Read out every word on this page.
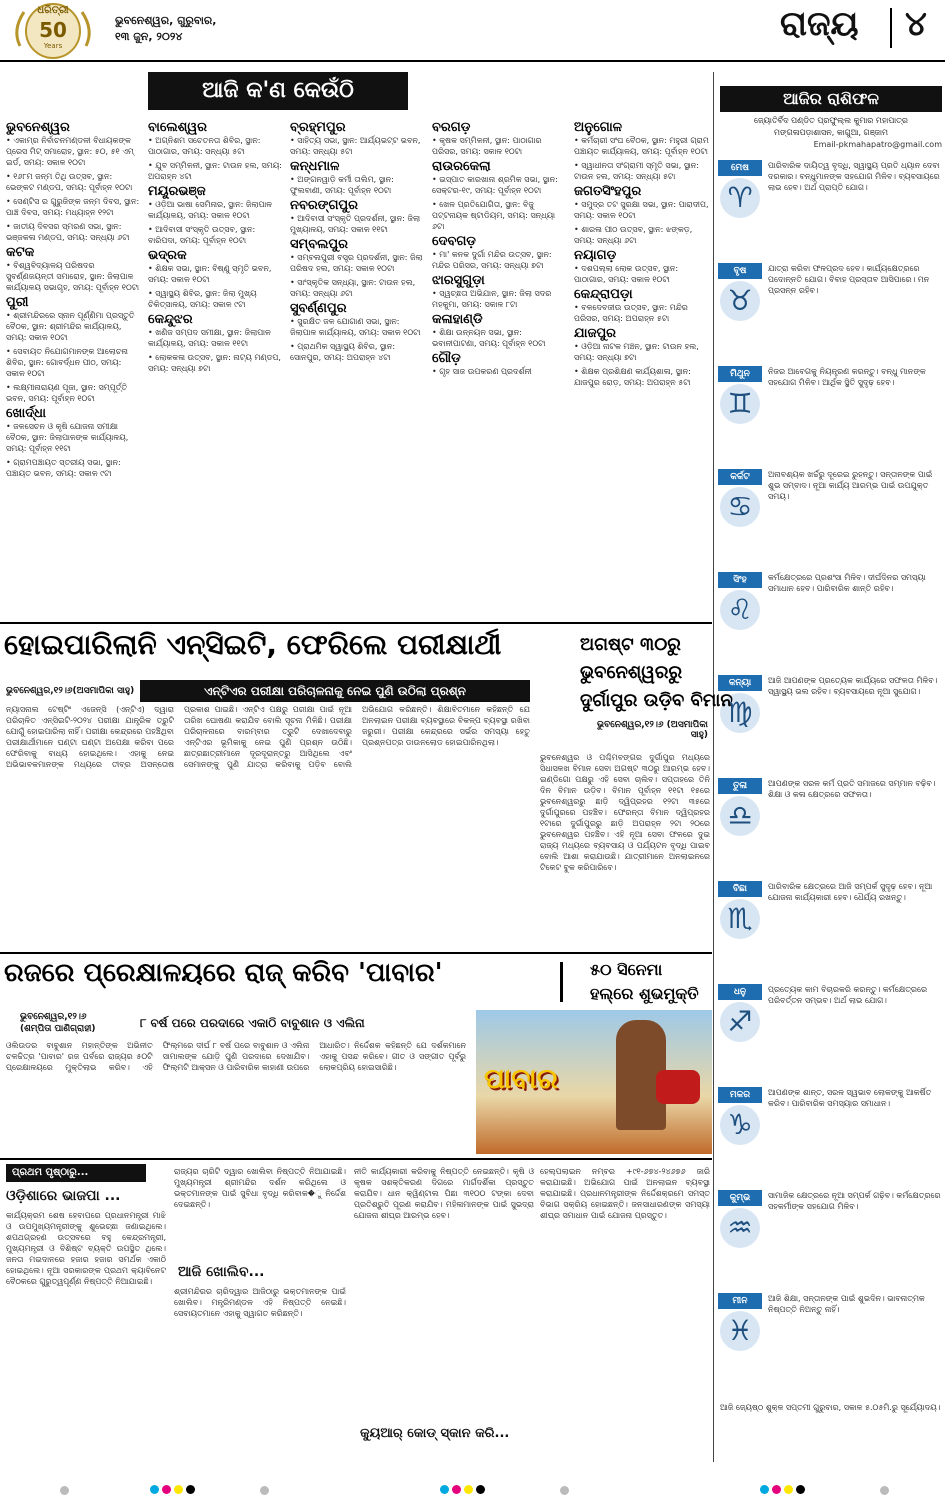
ଧରିତ୍ରୀ
50
Years
ଭୁବନେଶ୍ୱର, ଗୁରୁବାର,
୧୩ ଜୁନ, ୨୦୨୪	ରାଜ୍ୟ ୪
ଆଜି କ'ଣ କେଉଁଠି
ଭୁବନେଶ୍ୱର
• ଏକାମ୍ର ନିର୍ବାଚନମଣ୍ଡଳୀ ବିଧାୟକଙ୍କ ପ୍ରେସ ମିଟ୍ ସମାରୋହ, ସ୍ଥାନ: ୫୦, ୫୧ ଏମ୍ ଇର୍ଡ, ସମୟ: ସକାଳ ୧୦ଟା
• ୧୬୮ମ ଜନ୍ମ ତିଥି ଉତ୍ସବ, ସ୍ଥାନ: ଭେଙ୍କଟ ମଣ୍ଡପ, ସମୟ: ପୂର୍ବାହ୍ନ ୧୦ଟା
• ସେଣ୍ଟିସ ର ଗୁରୁଜିଙ୍କ ଜନ୍ମ ଦିବସ, ସ୍ଥାନ: ପାଞ୍ଚ ଦିବସ, ସମୟ: ମଧ୍ୟାହ୍ନ ୧୨ଟା
• ଜାତୀୟ ଦିବସର ସ୍ମରଣ ସଭା, ସ୍ଥାନ: ଭଞ୍ଜକଳା ମଣ୍ଡପ, ସମୟ: ସନ୍ଧ୍ୟା ୬ଟା
କଟକ
• ବିଶ୍ୱବିଦ୍ୟାଳୟ ପରିଷଦର ସୁବର୍ଣ୍ଣଜୟନ୍ତୀ ସମାରୋହ, ସ୍ଥାନ: ଜିଲାପାଳ କାର୍ଯ୍ୟାଳୟ ସଭାଗୃହ, ସମୟ: ପୂର୍ବାହ୍ନ ୧୦ଟା
ପୁରୀ
• ଶ୍ରୀମନ୍ଦିରରେ ସ୍ନାନ ପୂର୍ଣ୍ଣିମା ପ୍ରସ୍ତୁତି ବୈଠକ, ସ୍ଥାନ: ଶ୍ରୀମନ୍ଦିର କାର୍ଯ୍ୟାଳୟ, ସମୟ: ସକାଳ ୧୦ଟା
• ସେବାୟତ ନିଯୋଗମାନଙ୍କ ଆଲୋଚନା ଶିବିର, ସ୍ଥାନ: ଗୋବର୍ଦ୍ଧନ ପୀଠ, ସମୟ: ସକାଳ ୧୦ଟା
• ଲକ୍ଷ୍ମୀନାରାୟଣ ପୂଜା, ସ୍ଥାନ: ସମ୍ପୂର୍ତ୍ତି ଭବନ, ସମୟ: ପୂର୍ବାହ୍ନ ୧୦ଟା
ଖୋର୍ଦ୍ଧା
• ଜଳସେଚନ ଓ କୃଷି ଯୋଜନା ସମୀକ୍ଷା ବୈଠକ, ସ୍ଥାନ: ଜିଲାପାଳଙ୍କ କାର୍ଯ୍ୟାଳୟ, ସମୟ: ପୂର୍ବାହ୍ନ ୧୧ଟା
• ଗ୍ରାମପଞ୍ଚାୟତ ସ୍ତରୀୟ ସଭା, ସ୍ଥାନ: ପଞ୍ଚାୟତ ଭବନ, ସମୟ: ସକାଳ ୯ଟା
ବାଲେଶ୍ୱର
• ଅଗ୍ନିଶମ ସଚେତନତା ଶିବିର, ସ୍ଥାନ: ପାଠାଗାର, ସମୟ: ସନ୍ଧ୍ୟା ୫ଟା
• ଯୁବ ସମ୍ମିଳନୀ, ସ୍ଥାନ: ଟାଉନ ହଲ, ସମୟ: ଅପରାହ୍ନ ୪ଟା
ମୟୂରଭଞ୍ଜ
• ଓଡ଼ିଆ ଭାଷା ସେମିନାର, ସ୍ଥାନ: ଜିଲାପାଳ କାର୍ଯ୍ୟାଳୟ, ସମୟ: ସକାଳ ୧୦ଟା
• ଆଦିବାସୀ ସଂସ୍କୃତି ଉତ୍ସବ, ସ୍ଥାନ: ବାରିପଦା, ସମୟ: ପୂର୍ବାହ୍ନ ୧୦ଟା
ଭଦ୍ରକ
• ଶିକ୍ଷକ ସଭା, ସ୍ଥାନ: ବିଷ୍ଣୁ ସ୍ମୃତି ଭବନ, ସମୟ: ସକାଳ ୧୦ଟା
• ସ୍ୱାସ୍ଥ୍ୟ ଶିବିର, ସ୍ଥାନ: ଜିଲା ମୁଖ୍ୟ ଚିକିତ୍ସାଳୟ, ସମୟ: ସକାଳ ୯ଟା
କେନ୍ଦୁଝର
• ଖଣିଜ ସମ୍ପଦ ସମୀକ୍ଷା, ସ୍ଥାନ: ଜିଲାପାଳ କାର୍ଯ୍ୟାଳୟ, ସମୟ: ସକାଳ ୧୧ଟା
• ଲୋକକଳା ଉତ୍ସବ, ସ୍ଥାନ: ନାଟ୍ୟ ମଣ୍ଡପ, ସମୟ: ସନ୍ଧ୍ୟା ୭ଟା
ବ୍ରହ୍ମପୁର
• ସାହିତ୍ୟ ସଭା, ସ୍ଥାନ: ଆର୍ଯ୍ୟଭଟ୍ଟ ଭବନ, ସମୟ: ସନ୍ଧ୍ୟା ୫ଟା
କନ୍ଧମାଳ
• ଅଙ୍ଗନୱାଡ଼ି କର୍ମୀ ତାଲିମ, ସ୍ଥାନ: ଫୁଲବାଣୀ, ସମୟ: ପୂର୍ବାହ୍ନ ୧୦ଟା
ନବରଙ୍ଗପୁର
• ଆଦିବାସୀ ସଂସ୍କୃତି ପ୍ରଦର୍ଶନୀ, ସ୍ଥାନ: ଜିଲା ମୁଖ୍ୟାଳୟ, ସମୟ: ସକାଳ ୧୧ଟା
ସମ୍ବଲପୁର
• ସମ୍ବଲପୁରୀ ବସ୍ତ୍ର ପ୍ରଦର୍ଶନୀ, ସ୍ଥାନ: ଜିଲା ପରିଷଦ ହଲ, ସମୟ: ସକାଳ ୧୦ଟା
• ସାଂସ୍କୃତିକ ସନ୍ଧ୍ୟା, ସ୍ଥାନ: ଟାଉନ ହଲ, ସମୟ: ସନ୍ଧ୍ୟା ୬ଟା
ସୁବର୍ଣ୍ଣପୁର
• ସୁରକ୍ଷିତ ଜଳ ଯୋଗାଣ ସଭା, ସ୍ଥାନ: ଜିଲାପାଳ କାର୍ଯ୍ୟାଳୟ, ସମୟ: ସକାଳ ୧୦ଟା
• ପ୍ରାଥମିକ ସ୍ୱାସ୍ଥ୍ୟ ଶିବିର, ସ୍ଥାନ: ସୋନପୁର, ସମୟ: ଅପରାହ୍ନ ୪ଟା
ବରଗଡ଼
• କୃଷକ ସମ୍ମିଳନୀ, ସ୍ଥାନ: ପାଠାଗାର ପରିସର, ସମୟ: ସକାଳ ୧୦ଟା
ରାଉରକେଲା
• ଇସ୍ପାତ କାରଖାନା ଶ୍ରମିକ ସଭା, ସ୍ଥାନ: ସେକ୍ଟର-୧୯, ସମୟ: ପୂର୍ବାହ୍ନ ୧୦ଟା
• ଖେଳ ପ୍ରତିଯୋଗିତା, ସ୍ଥାନ: ବିଜୁ ପଟ୍ଟନାୟକ ଷ୍ଟାଡିୟମ, ସମୟ: ସନ୍ଧ୍ୟା ୬ଟା
ଦେବଗଡ଼
• ମା' କନକ ଦୁର୍ଗା ମନ୍ଦିର ଉତ୍ସବ, ସ୍ଥାନ: ମନ୍ଦିର ପରିସର, ସମୟ: ସନ୍ଧ୍ୟା ୭ଟା
ଝାରସୁଗୁଡ଼ା
• ସ୍ୱଚ୍ଛତା ଅଭିଯାନ, ସ୍ଥାନ: ଜିଲା ସଦର ମହକୁମା, ସମୟ: ସକାଳ ୮ଟା
କଳାହାଣ୍ଡି
• ଶିକ୍ଷା ଉନ୍ନୟନ ସଭା, ସ୍ଥାନ: ଭବାନୀପାଟଣା, ସମୟ: ପୂର୍ବାହ୍ନ ୧୦ଟା
ଗୌଡ଼
• ଗୃହ ସାଜ ଉପକରଣ ପ୍ରଦର୍ଶନୀ
ଅନୁଗୋଳ
• କର୍ମଚାରୀ ସଂଘ ବୈଠକ, ସ୍ଥାନ: ମହୁରୀ ଗ୍ରାମ ପଞ୍ଚାୟତ କାର୍ଯ୍ୟାଳୟ, ସମୟ: ପୂର୍ବାହ୍ନ ୧୦ଟା
• ସ୍ୱାଧୀନତା ସଂଗ୍ରାମୀ ସ୍ମୃତି ସଭା, ସ୍ଥାନ: ଟାଉନ ହଲ, ସମୟ: ସନ୍ଧ୍ୟା ୫ଟା
ଜଗତସିଂହପୁର
• ସମୁଦ୍ର ତଟ ସୁରକ୍ଷା ସଭା, ସ୍ଥାନ: ପାରାଦୀପ, ସମୟ: ସକାଳ ୧୦ଟା
• ଶାରଳା ପୀଠ ଉତ୍ସବ, ସ୍ଥାନ: ଝଙ୍କଡ଼, ସମୟ: ସନ୍ଧ୍ୟା ୬ଟା
ନୟାଗଡ଼
• ଦଶପଲ୍ଲା ଲୋକ ଉତ୍ସବ, ସ୍ଥାନ: ପାଠାଗାର, ସମୟ: ସକାଳ ୧୦ଟା
କେନ୍ଦ୍ରାପଡ଼ା
• ବଳଦେବଜୀଉ ଉତ୍ସବ, ସ୍ଥାନ: ମନ୍ଦିର ପରିସର, ସମୟ: ଅପରାହ୍ନ ୫ଟା
ଯାଜପୁର
• ଓଡ଼ିଆ ନାଟକ ମଞ୍ଚନ, ସ୍ଥାନ: ଟାଉନ ହଲ, ସମୟ: ସନ୍ଧ୍ୟା ୭ଟା
• ଶିକ୍ଷକ ପ୍ରଶିକ୍ଷଣ କାର୍ଯ୍ୟଶାଳା, ସ୍ଥାନ: ଯାଜପୁର ରୋଡ଼, ସମୟ: ଅପରାହ୍ନ ୫ଟା
ଆଜିର ରାଶିଫଳ
ଜ୍ୟୋତିର୍ବିଦ ପଣ୍ଡିତ ପ୍ରଫୁଲ୍ଲ କୁମାର ମହାପାତ୍ର
ମଙ୍ଗଳାପଡ଼ାଶାସନ, କାଗୁଆ, ଗଞ୍ଜାମ
Email-pkmahapatro@gmail.com
ମେଷ
♈
ପାରିବାରିକ ଦାୟିତ୍ୱ ବୃଦ୍ଧି, ସ୍ୱାସ୍ଥ୍ୟ ପ୍ରତି ଧ୍ୟାନ ଦେବା ଦରକାର। ବନ୍ଧୁମାନଙ୍କ ସହଯୋଗ ମିଳିବ। ବ୍ୟବସାୟରେ ଲାଭ ହେବ। ଅର୍ଥ ପ୍ରାପ୍ତି ଯୋଗ।
ବୃଷ
♉
ଯାତ୍ରା କରିବା ଫଳପ୍ରଦ ହେବ। କାର୍ଯ୍ୟକ୍ଷେତ୍ରରେ ପଦୋନ୍ନତି ଯୋଗ। ବିବାହ ପ୍ରସ୍ତାବ ଆସିପାରେ। ମନ ପ୍ରସନ୍ନ ରହିବ।
ମିଥୁନ
♊
ନିଜର ଆବେଗକୁ ନିୟନ୍ତ୍ରଣ କରନ୍ତୁ। ବନ୍ଧୁ ମାନଙ୍କ ସହଯୋଗ ମିଳିବ। ଆର୍ଥିକ ସ୍ଥିତି ସୁଦୃଢ଼ ହେବ।
କର୍କଟ
♋
ଅନାବଶ୍ୟକ ଖର୍ଚ୍ଚରୁ ଦୂରେଇ ରୁହନ୍ତୁ। ସନ୍ତାନଙ୍କ ପାଇଁ ଶୁଭ ସମ୍ବାଦ। ନୂଆ କାର୍ଯ୍ୟ ଆରମ୍ଭ ପାଇଁ ଉପଯୁକ୍ତ ସମୟ।
ସିଂହ
♌
କର୍ମକ୍ଷେତ୍ରରେ ପ୍ରଶଂସା ମିଳିବ। ଦୀର୍ଘଦିନର ସମସ୍ୟା ସମାଧାନ ହେବ। ପାରିବାରିକ ଶାନ୍ତି ରହିବ।
କନ୍ୟା
♍
ଆଜି ଆପଣଙ୍କ ପ୍ରତ୍ୟେକ କାର୍ଯ୍ୟରେ ସଫଳତା ମିଳିବ। ସ୍ୱାସ୍ଥ୍ୟ ଭଲ ରହିବ। ବ୍ୟବସାୟରେ ନୂଆ ସୁଯୋଗ।
ତୁଳା
♎
ଆପଣଙ୍କ ସରଳ କର୍ମ ପ୍ରତି ସମାଜରେ ସମ୍ମାନ ବଢ଼ିବ। ଶିକ୍ଷା ଓ କଳା କ୍ଷେତ୍ରରେ ସଫଳତା।
ବିଛା
♏
ପାରିବାରିକ କ୍ଷେତ୍ରରେ ଆଜି ସମ୍ପର୍କ ସୁଦୃଢ଼ ହେବ। ନୂଆ ଯୋଜନା କାର୍ଯ୍ୟକାରୀ ହେବ। ଧୈର୍ଯ୍ୟ ରଖନ୍ତୁ।
ଧନୁ
♐
ପ୍ରତ୍ୟେକ କାମ ବିଚାରକରି କରନ୍ତୁ। କର୍ମକ୍ଷେତ୍ରରେ ପରିବର୍ତ୍ତନ ସମ୍ଭବ। ଅର୍ଥ ଲାଭ ଯୋଗ।
ମକର
♑
ଆପଣଙ୍କ ଶାନ୍ତ, ସରଳ ସ୍ୱଭାବ ଲୋକଙ୍କୁ ଆକର୍ଷିତ କରିବ। ପାରିବାରିକ ସମସ୍ୟାର ସମାଧାନ।
କୁମ୍ଭ
♒
ସାମାଜିକ କ୍ଷେତ୍ରରେ ନୂଆ ସମ୍ପର୍କ ଗଢ଼ିବ। କର୍ମକ୍ଷେତ୍ରରେ ସହକର୍ମୀଙ୍କ ସହଯୋଗ ମିଳିବ।
ମୀନ
♓
ଆଜି ଶିକ୍ଷା, ସନ୍ତାନଙ୍କ ପାଇଁ ଶୁଭଦିନ। ଭାବନାତ୍ମକ ନିଷ୍ପତ୍ତି ନିଅନ୍ତୁ ନାହିଁ।
ଆଜି ଜ୍ୟେଷ୍ଠ ଶୁକ୍ଳ ସପ୍ତମୀ ଗୁରୁବାର, ସକାଳ ୫.୦୫ମି.ରୁ ସୂର୍ଯ୍ୟୋଦୟ।
ହୋଇପାରିଲାନି ଏନ୍‌ସିଇଟି, ଫେରିଲେ ପରୀକ୍ଷାର୍ଥୀ
ଏନ୍‌ଟିଏର ପରୀକ୍ଷା ପରିଚାଳନାକୁ ନେଇ ପୁଣି ଉଠିଲା ପ୍ରଶ୍ନ
ଭୁବନେଶ୍ୱର,୧୨।୬(ଅସମାପିକା ସାହୁ)
ନ୍ୟାସନାଲ ଟେଷ୍ଟିଂ ଏଜେନ୍ସି (ଏନ୍‌ଟିଏ) ଦ୍ୱାରା ପରିଚାଳିତ ଏନ୍‌ସିଇଟି-୨୦୨୪ ପରୀକ୍ଷା ଯାନ୍ତ୍ରିକ ତ୍ରୁଟି ଯୋଗୁଁ ହୋଇପାରିଲା ନାହିଁ। ପରୀକ୍ଷା କେନ୍ଦ୍ରରେ ପହଞ୍ଚିଥିବା ପରୀକ୍ଷାର୍ଥୀମାନେ ଘଣ୍ଟା ଘଣ୍ଟା ଅପେକ୍ଷା କରିବା ପରେ ଫେରିବାକୁ ବାଧ୍ୟ ହୋଇଥିଲେ। ଏହାକୁ ନେଇ ଅଭିଭାବକମାନଙ୍କ ମଧ୍ୟରେ ତୀବ୍ର ଅସନ୍ତୋଷ ପ୍ରକାଶ ପାଇଛି। ଏନ୍‌ଟିଏ ପକ୍ଷରୁ ପରୀକ୍ଷା ପାଇଁ ନୂଆ ତାରିଖ ଘୋଷଣା କରାଯିବ ବୋଲି ସୂଚନା ମିଳିଛି। ପରୀକ୍ଷା ପରିଚାଳନାରେ ବାରମ୍ବାର ତ୍ରୁଟି ଦେଖାଦେବାରୁ ଏନ୍‌ଟିଏର ଭୂମିକାକୁ ନେଇ ପୁଣି ପ୍ରଶ୍ନ ଉଠିଛି। ଛାତ୍ରଛାତ୍ରୀମାନେ ଦୂରଦୂରାନ୍ତରୁ ଆସିଥିଲେ ଏବଂ ସେମାନଙ୍କୁ ପୁଣି ଯାତ୍ରା କରିବାକୁ ପଡ଼ିବ ବୋଲି ଅଭିଯୋଗ କରିଛନ୍ତି। ଶିକ୍ଷାବିତମାନେ କହିଛନ୍ତି ଯେ ଅନଲାଇନ ପରୀକ୍ଷା ବ୍ୟବସ୍ଥାରେ ବିକଳ୍ପ ବ୍ୟବସ୍ଥା ରଖିବା ଜରୁରୀ। ପରୀକ୍ଷା କେନ୍ଦ୍ରରେ ସର୍ଭର ସମସ୍ୟା ହେତୁ ପ୍ରଶ୍ନପତ୍ର ଡାଉନଲୋଡ ହୋଇପାରିନଥିଲା।
ଅଗଷ୍ଟ ୩୦ରୁ
ଭୁବନେଶ୍ୱରରୁ
ଦୁର୍ଗାପୁର ଉଡ଼ିବ ବିମାନ
ଭୁବନେଶ୍ୱର,୧୨।୬ (ଅସମାପିକା ସାହୁ)
ଭୁବନେଶ୍ୱର ଓ ପଶ୍ଚିମବଙ୍ଗର ଦୁର୍ଗାପୁର ମଧ୍ୟରେ ସିଧାସଳଖ ବିମାନ ସେବା ଅଗଷ୍ଟ ୩୦ରୁ ଆରମ୍ଭ ହେବ। ଇଣ୍ଡିଗୋ ପକ୍ଷରୁ ଏହି ସେବା ଚାଲିବ। ସପ୍ତାହରେ ତିନି ଦିନ ବିମାନ ଉଡ଼ିବ। ବିମାନ ପୂର୍ବାହ୍ନ ୧୧ଟା ୧୫ରେ ଭୁବନେଶ୍ୱରରୁ ଛାଡ଼ି ଦ୍ୱିପ୍ରହର ୧୨ଟା ୩୫ରେ ଦୁର୍ଗାପୁରରେ ପହଞ୍ଚିବ। ଫେରନ୍ତା ବିମାନ ଦ୍ୱିପ୍ରହର ୧ଟାରେ ଦୁର୍ଗାପୁରରୁ ଛାଡ଼ି ଅପରାହ୍ନ ୨ଟା ୨୦ରେ ଭୁବନେଶ୍ୱର ପହଞ୍ଚିବ। ଏହି ନୂଆ ସେବା ଫଳରେ ଦୁଇ ରାଜ୍ୟ ମଧ୍ୟରେ ବ୍ୟବସାୟ ଓ ପର୍ଯ୍ୟଟନ ବୃଦ୍ଧି ପାଇବ ବୋଲି ଆଶା କରାଯାଉଛି। ଯାତ୍ରୀମାନେ ଅନଲାଇନରେ ଟିକେଟ ବୁକ କରିପାରିବେ।
ରଜରେ ପ୍ରେକ୍ଷାଳୟରେ ରାଜ୍ କରିବ 'ପାବାର'	୫୦ ସିନେମା
ହଲ୍‌ରେ ଶୁଭମୁକ୍ତି
ଭୁବନେଶ୍ୱର,୧୨।୬
(ଶମ୍ପିତା ପାଣିଗ୍ରାହୀ)	୮ ବର୍ଷ ପରେ ପରଦାରେ ଏକାଠି ବାବୁଶାନ ଓ ଏଲିନା
ଓଲିଉଡର ବାବୁଶାନ ମହାନ୍ତିଙ୍କ ଅଭିନୀତ ଚଳଚ୍ଚିତ୍ର 'ପାବାର' ରଜ ପର୍ବରେ ରାଜ୍ୟର ୫୦ଟି ପ୍ରେକ୍ଷାଳୟରେ ମୁକ୍ତିଲାଭ କରିବ। ଏହି ଫିଲ୍ମରେ ଦୀର୍ଘ ୮ ବର୍ଷ ପରେ ବାବୁଶାନ ଓ ଏଲିନା ସାମାଲଙ୍କ ଯୋଡ଼ି ପୁଣି ପରଦାରେ ଦେଖାଯିବ। ଫିଲ୍ମଟି ଆକ୍ସନ ଓ ପାରିବାରିକ କାହାଣୀ ଉପରେ ଆଧାରିତ। ନିର୍ଦ୍ଦେଶକ କହିଛନ୍ତି ଯେ ଦର୍ଶକମାନେ ଏହାକୁ ପସନ୍ଦ କରିବେ। ଗୀତ ଓ ସଙ୍ଗୀତ ପୂର୍ବରୁ ଲୋକପ୍ରିୟ ହୋଇସାରିଛି।	ପାବାର
ପ୍ରଥମ ପୃଷ୍ଠାରୁ...
ଓଡ଼ିଶାରେ ଭାଜପା ...
କାର୍ଯ୍ୟକ୍ରମ ଶେଷ ହେବାପରେ ପ୍ରଧାନମନ୍ତ୍ରୀ ମାଝି ଓ ଉପମୁଖ୍ୟମନ୍ତ୍ରୀଙ୍କୁ ଶୁଭେଚ୍ଛା ଜଣାଇଥିଲେ। ଶପଥଗ୍ରହଣ ଉତ୍ସବରେ ବହୁ କେନ୍ଦ୍ରମନ୍ତ୍ରୀ, ମୁଖ୍ୟମନ୍ତ୍ରୀ ଓ ବିଶିଷ୍ଟ ବ୍ୟକ୍ତି ଉପସ୍ଥିତ ଥିଲେ। ଜନତା ମଇଦାନରେ ହଜାର ହଜାର ସମର୍ଥକ ଏକାଠି ହୋଇଥିଲେ। ନୂଆ ସରକାରଙ୍କ ପ୍ରଥମ କ୍ୟାବିନେଟ ବୈଠକରେ ଗୁରୁତ୍ୱପୂର୍ଣ୍ଣ ନିଷ୍ପତ୍ତି ନିଆଯାଇଛି।
ରାଜ୍ୟର ଚାରିଟି ଦ୍ୱାର ଖୋଲିବା ନିଷ୍ପତ୍ତି ନିଆଯାଇଛି। ମୁଖ୍ୟମନ୍ତ୍ରୀ ଶ୍ରୀମନ୍ଦିର ଦର୍ଶନ କରିଥିଲେ ଓ ଭକ୍ତମାନଙ୍କ ପାଇଁ ସୁବିଧା ବୃଦ୍ଧି କରିବାକ�ୁ ନିର୍ଦ୍ଦେଶ ଦେଇଛନ୍ତି।
ଆଜି ଖୋଲିବ...
ଶ୍ରୀମନ୍ଦିରର ଚାରିଦ୍ୱାର ଆଜିଠାରୁ ଭକ୍ତମାନଙ୍କ ପାଇଁ ଖୋଲିବ। ମନ୍ତ୍ରିମଣ୍ଡଳ ଏହି ନିଷ୍ପତ୍ତି ନେଇଛି। ସେବାୟତମାନେ ଏହାକୁ ସ୍ୱାଗତ କରିଛନ୍ତି।
ନୀତି କାର୍ଯ୍ୟକାରୀ କରିବାକୁ ନିଷ୍ପତ୍ତି ନେଇଛନ୍ତି। କୃଷି ଓ କୃଷକ ସଶକ୍ତିକରଣ ଦିଗରେ ମାର୍ଗଦର୍ଶିକା ପ୍ରସ୍ତୁତ କରାଯିବ। ଧାନ କ୍ୱିଣ୍ଟାଲ ପିଛା ୩୧୦୦ ଟଙ୍କା ଦେବା ପ୍ରତିଶ୍ରୁତି ପୂରଣ କରାଯିବ। ମହିଳାମାନଙ୍କ ପାଇଁ ସୁଭଦ୍ରା ଯୋଜନା ଶୀଘ୍ର ଆରମ୍ଭ ହେବ।
କ୍ୟୁଆର୍ କୋଡ୍ ସ୍କାନ କରି...
ହେଲ୍ପଲାଇନ ନମ୍ବର +୯୧-୬୭୪-୨୪୬୭୬ ଜାରି କରାଯାଇଛି। ଅଭିଯୋଗ ପାଇଁ ଅନଲାଇନ ବ୍ୟବସ୍ଥା କରାଯାଇଛି। ପ୍ରଧାନମନ୍ତ୍ରୀଙ୍କ ନିର୍ଦ୍ଦେଶକ୍ରମେ ସମସ୍ତ ବିଭାଗ ସକ୍ରିୟ ହୋଇଛନ୍ତି। ଜନସାଧାରଣଙ୍କ ସମସ୍ୟା ଶୀଘ୍ର ସମାଧାନ ପାଇଁ ଯୋଜନା ପ୍ରସ୍ତୁତ।
